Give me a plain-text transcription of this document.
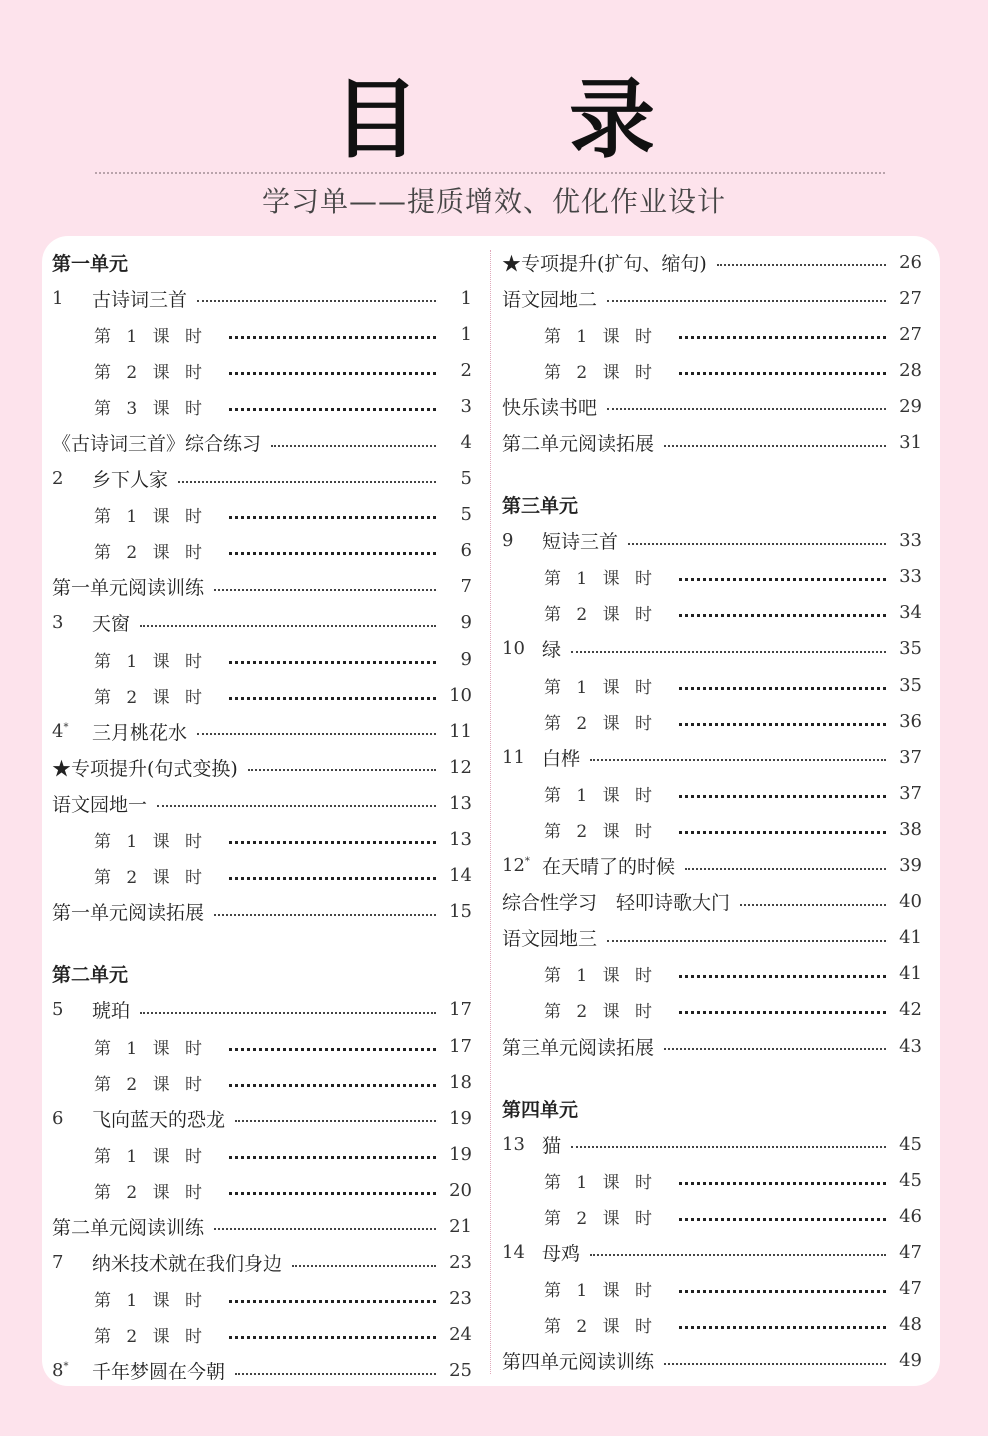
目 录
学习单——提质增效、优化作业设计
第一单元
1	古诗词三首	1
第 1 课 时	1
第 2 课 时	2
第 3 课 时	3
《古诗词三首》综合练习	4
2	乡下人家	5
第 1 课 时	5
第 2 课 时	6
第一单元阅读训练	7
3	天窗	9
第 1 课 时	9
第 2 课 时	10
4*	三月桃花水	11
★专项提升(句式变换)	12
语文园地一	13
第 1 课 时	13
第 2 课 时	14
第一单元阅读拓展	15
第二单元
5	琥珀	17
第 1 课 时	17
第 2 课 时	18
6	飞向蓝天的恐龙	19
第 1 课 时	19
第 2 课 时	20
第二单元阅读训练	21
7	纳米技术就在我们身边	23
第 1 课 时	23
第 2 课 时	24
8*	千年梦圆在今朝	25
★专项提升(扩句、缩句)	26
语文园地二	27
第 1 课 时	27
第 2 课 时	28
快乐读书吧	29
第二单元阅读拓展	31
第三单元
9	短诗三首	33
第 1 课 时	33
第 2 课 时	34
10 绿	35
第 1 课 时	35
第 2 课 时	36
11 白桦	37
第 1 课 时	37
第 2 课 时	38
12* 在天晴了的时候	39
综合性学习　轻叩诗歌大门	40
语文园地三	41
第 1 课 时	41
第 2 课 时	42
第三单元阅读拓展	43
第四单元
13 猫	45
第 1 课 时	45
第 2 课 时	46
14 母鸡	47
第 1 课 时	47
第 2 课 时	48
第四单元阅读训练	49
